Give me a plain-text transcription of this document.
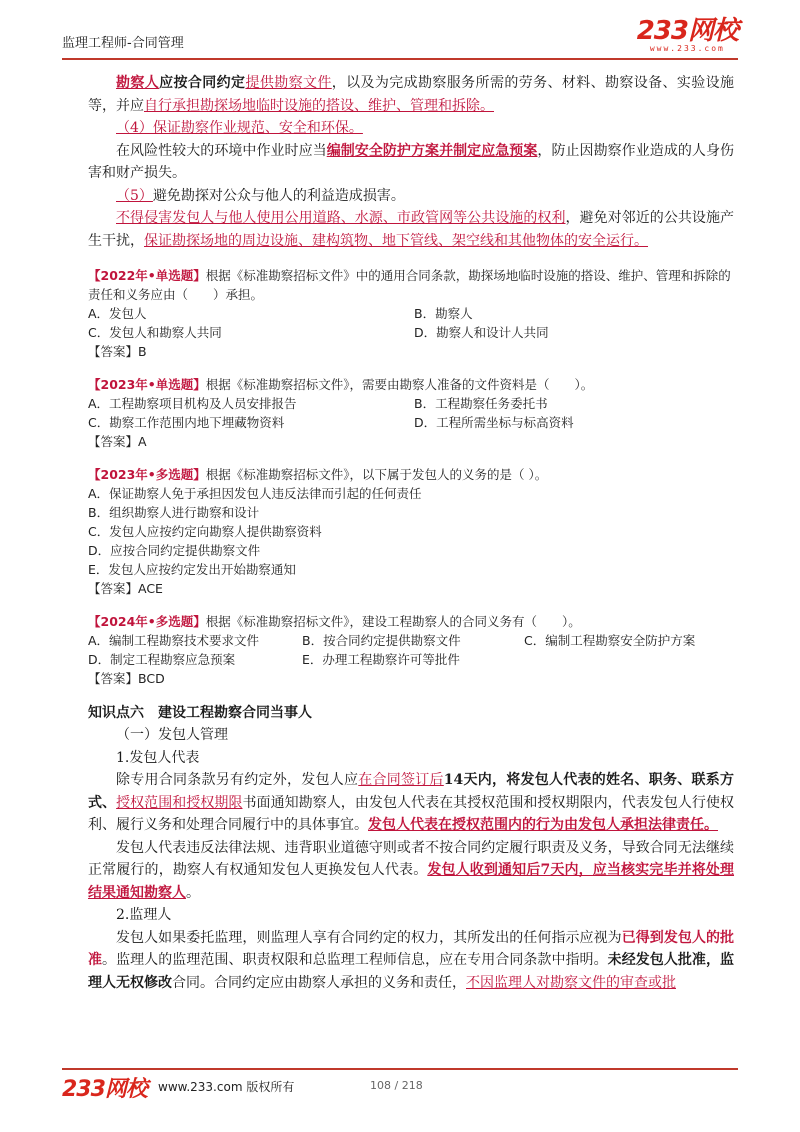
监理工程师-合同管理	233网校
www.233.com

勘察人应按合同约定提供勘察文件，以及为完成勘察服务所需的劳务、材料、勘察设备、实验设施等，并应自行承担勘探场地临时设施的搭设、维护、管理和拆除。

（4）保证勘察作业规范、安全和环保。

在风险性较大的环境中作业时应当编制安全防护方案并制定应急预案，防止因勘察作业造成的人身伤害和财产损失。

（5）避免勘探对公众与他人的利益造成损害。

不得侵害发包人与他人使用公用道路、水源、市政管网等公共设施的权利，避免对邻近的公共设施产生干扰，保证勘探场地的周边设施、建构筑物、地下管线、架空线和其他物体的安全运行。

【2022年•单选题】根据《标准勘察招标文件》中的通用合同条款，勘探场地临时设施的搭设、维护、管理和拆除的责任和义务应由（　　）承担。

A．发包人	B．勘察人
C．发包人和勘察人共同	D．勘察人和设计人共同

【答案】B

【2023年•单选题】根据《标准勘察招标文件》，需要由勘察人准备的文件资料是（　　）。

A．工程勘察项目机构及人员安排报告	B．工程勘察任务委托书
C．勘察工作范围内地下埋藏物资料	D．工程所需坐标与标高资料

【答案】A

【2023年•多选题】根据《标准勘察招标文件》，以下属于发包人的义务的是（ ）。

A．保证勘察人免于承担因发包人违反法律而引起的任何责任

B．组织勘察人进行勘察和设计

C．发包人应按约定向勘察人提供勘察资料

D．应按合同约定提供勘察文件

E．发包人应按约定发出开始勘察通知

【答案】ACE

【2024年•多选题】根据《标准勘察招标文件》，建设工程勘察人的合同义务有（　　）。

A．编制工程勘察技术要求文件	B．按合同约定提供勘察文件	C．编制工程勘察安全防护方案
D．制定工程勘察应急预案	E．办理工程勘察许可等批件

【答案】BCD

知识点六　建设工程勘察合同当事人

（一）发包人管理

1.发包人代表

除专用合同条款另有约定外，发包人应在合同签订后14天内，将发包人代表的姓名、职务、联系方式、授权范围和授权期限书面通知勘察人，由发包人代表在其授权范围和授权期限内，代表发包人行使权利、履行义务和处理合同履行中的具体事宜。发包人代表在授权范围内的行为由发包人承担法律责任。

发包人代表违反法律法规、违背职业道德守则或者不按合同约定履行职责及义务，导致合同无法继续正常履行的，勘察人有权通知发包人更换发包人代表。发包人收到通知后7天内，应当核实完毕并将处理结果通知勘察人。

2.监理人

发包人如果委托监理，则监理人享有合同约定的权力，其所发出的任何指示应视为已得到发包人的批准。监理人的监理范围、职责权限和总监理工程师信息，应在专用合同条款中指明。未经发包人批准，监理人无权修改合同。合同约定应由勘察人承担的义务和责任，不因监理人对勘察文件的审查或批

233网校 www.233.com 版权所有	108 / 218
